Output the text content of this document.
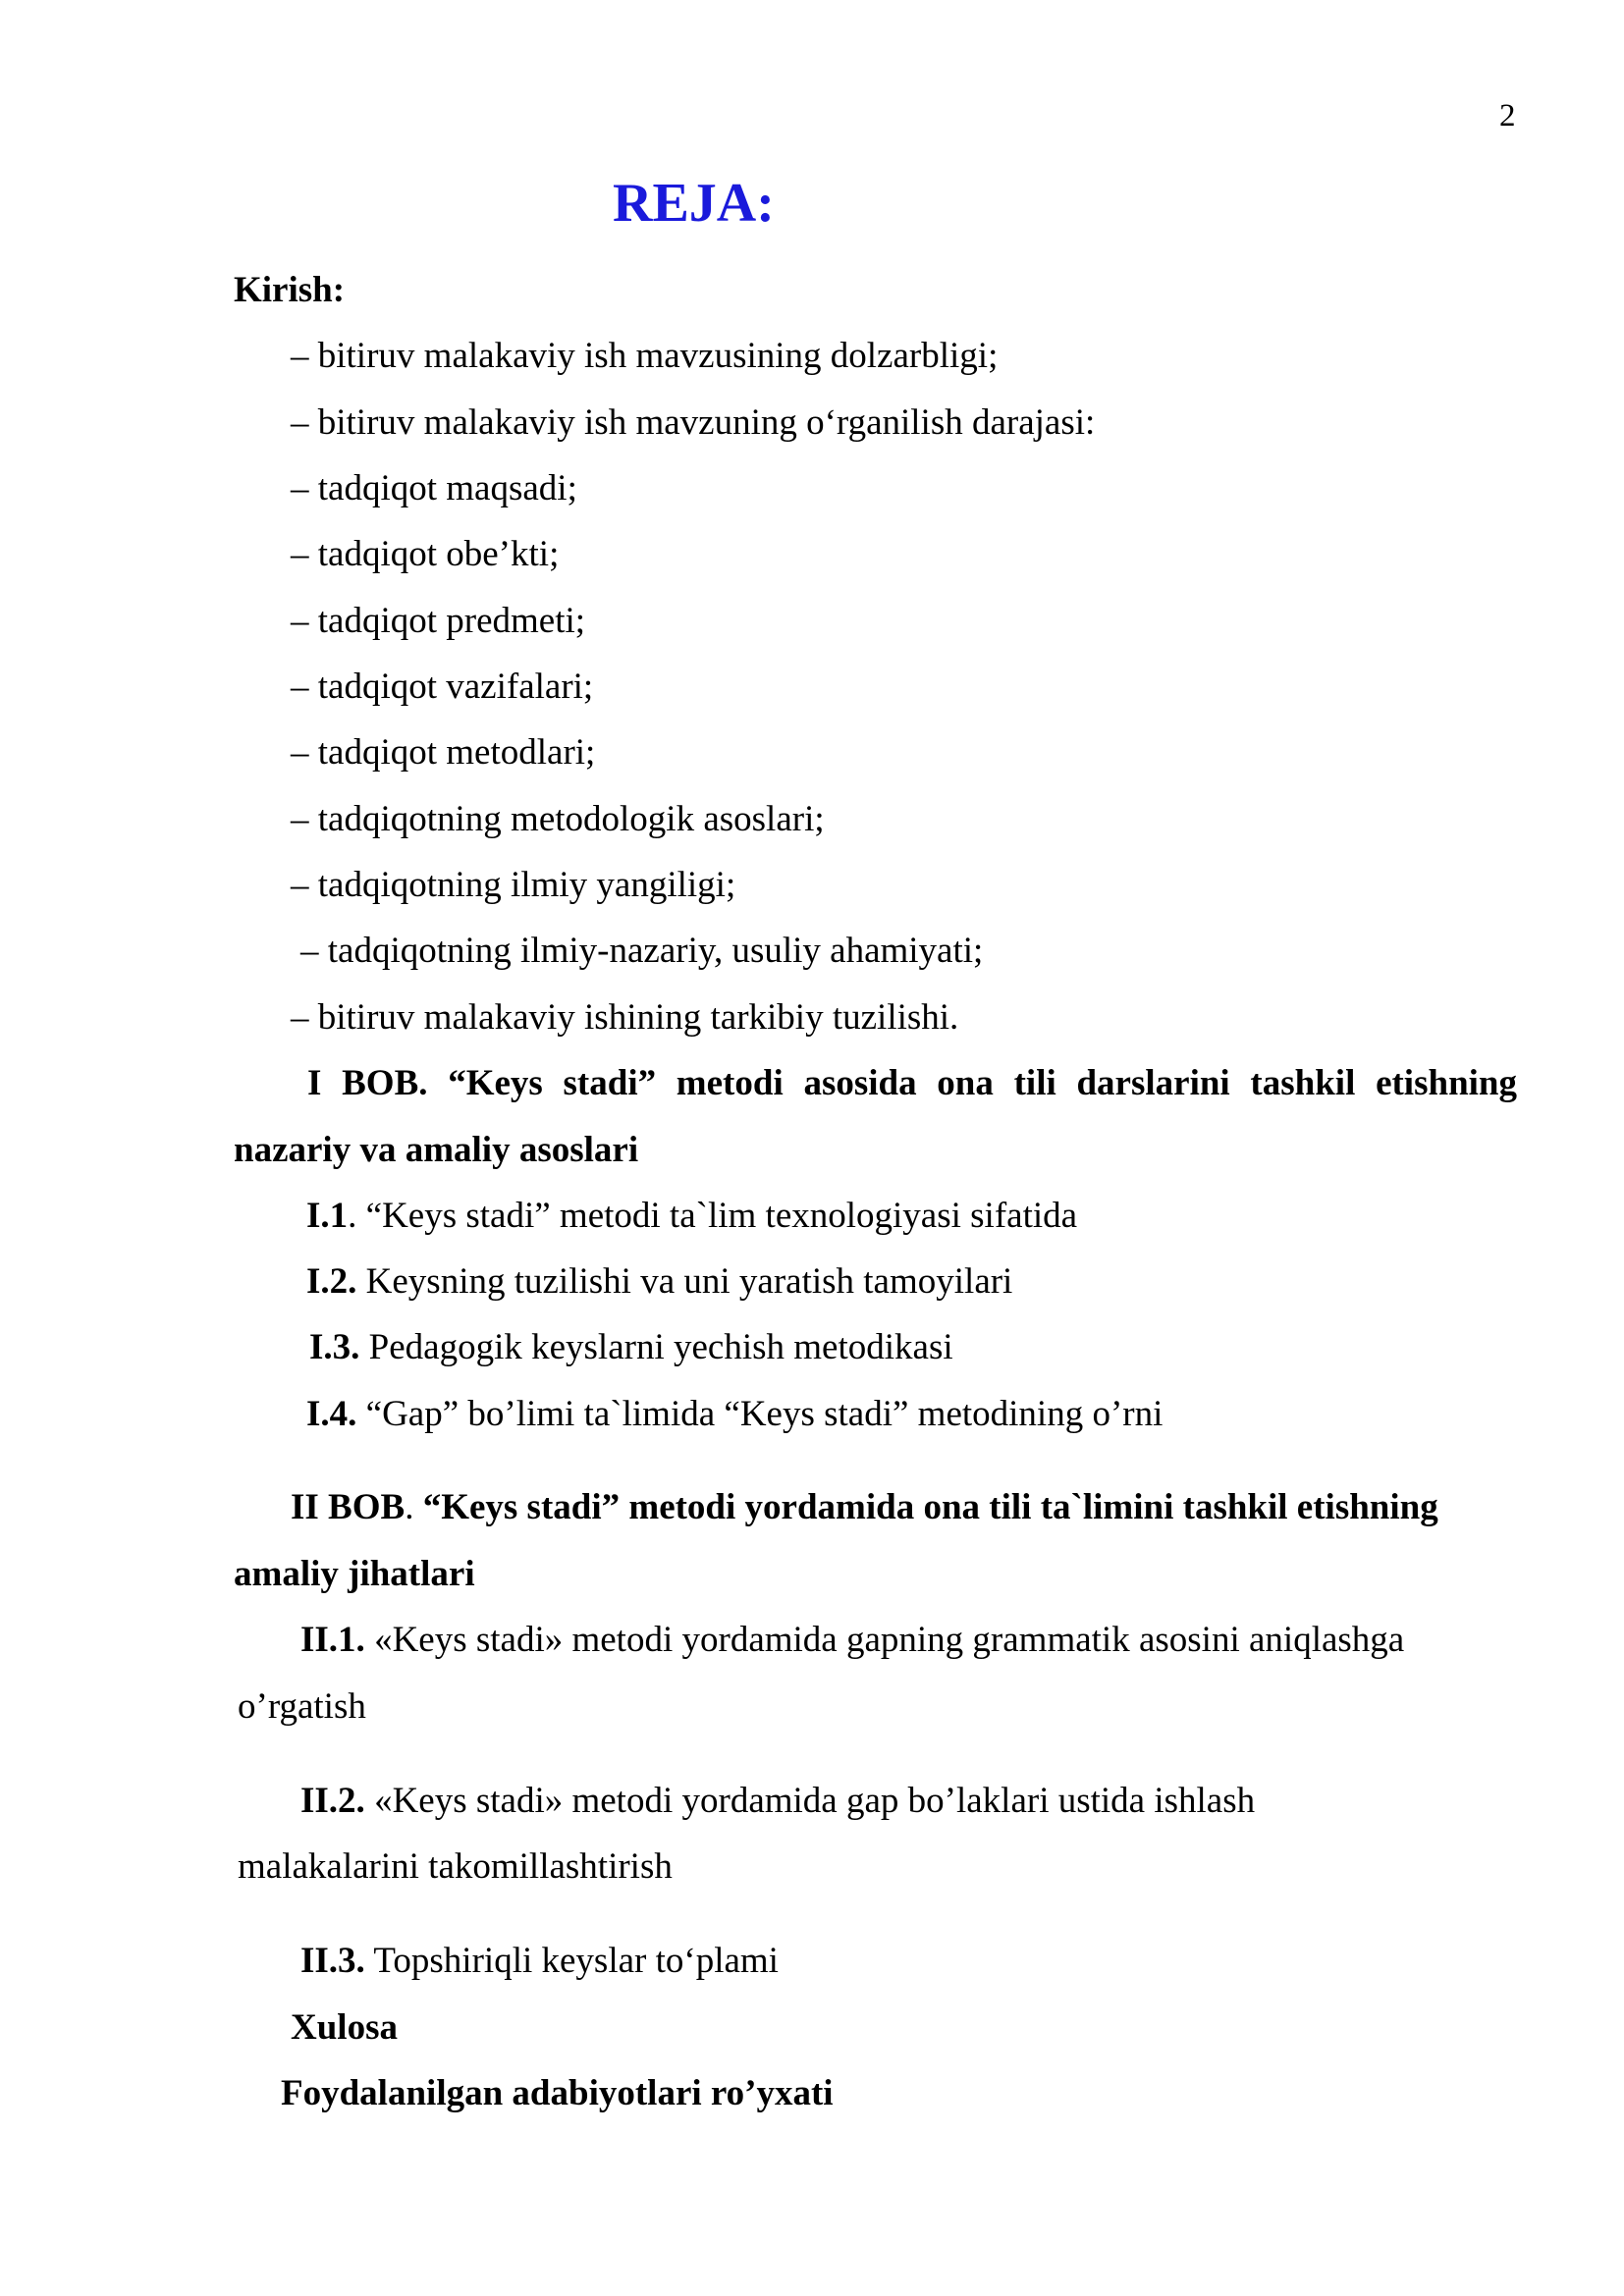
2
REJA:
Kirish:
– bitiruv malakaviy ish mavzusining dolzarbligi;
– bitiruv malakaviy ish mavzuning o‘rganilish darajasi:
– tadqiqot maqsadi;
– tadqiqot obe’kti;
– tadqiqot predmeti;
– tadqiqot vazifalari;
– tadqiqot metodlari;
– tadqiqotning metodologik asoslari;
– tadqiqotning ilmiy yangiligi;
– tadqiqotning ilmiy-nazariy, usuliy ahamiyati;
– bitiruv malakaviy ishining tarkibiy tuzilishi.
I BOB. “Keys stadi” metodi asosida ona tili darslarini tashkil etishning nazariy va amaliy asoslari
I.1. “Keys stadi” metodi ta`lim texnologiyasi sifatida
I.2. Keysning tuzilishi va uni yaratish tamoyilari
I.3. Pedagogik keyslarni yechish metodikasi
I.4. “Gap” bo’limi ta`limida “Keys stadi” metodining o’rni
II BOB. “Keys stadi” metodi yordamida ona tili ta`limini tashkil etishning
amaliy jihatlari
II.1. «Keys stadi» metodi yordamida gapning grammatik asosini aniqlashga
o’rgatish
II.2. «Keys stadi» metodi yordamida gap bo’laklari ustida ishlash
malakalarini takomillashtirish
II.3. Topshiriqli keyslar to‘plami
Xulosa
Foydalanilgan adabiyotlari ro’yxati
